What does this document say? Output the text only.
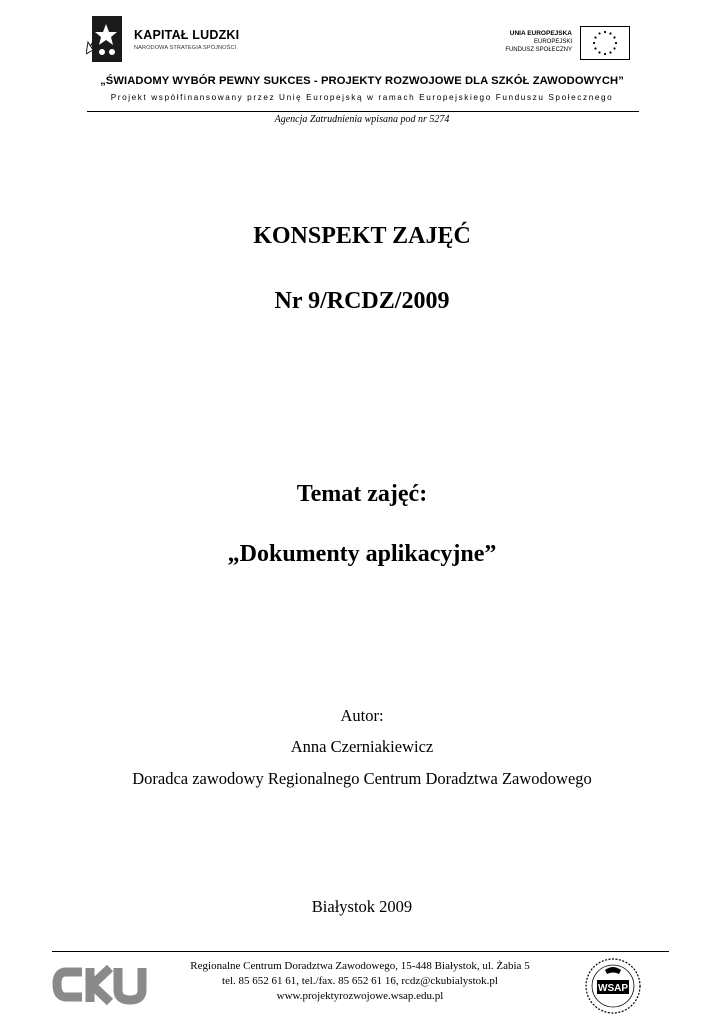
KAPITAŁ LUDZKI
NARODOWA STRATEGIA SPÓJNOŚCI
UNIA EUROPEJSKA
EUROPEJSKI
FUNDUSZ SPOŁECZNY
„ŚWIADOMY WYBÓR PEWNY SUKCES - PROJEKTY ROZWOJOWE DLA SZKÓŁ ZAWODOWYCH”
Projekt współfinansowany przez Unię Europejską w ramach Europejskiego Funduszu Społecznego
Agencja Zatrudnienia wpisana pod nr 5274
KONSPEKT ZAJĘĆ
Nr 9/RCDZ/2009
Temat zajęć:
„Dokumenty aplikacyjne”
Autor:
Anna Czerniakiewicz
Doradca zawodowy Regionalnego Centrum Doradztwa Zawodowego
Białystok 2009
Regionalne Centrum Doradztwa Zawodowego, 15-448 Białystok, ul. Żabia 5
tel. 85 652 61 61, tel./fax. 85 652 61 16, rcdz@ckubialystok.pl
www.projektyrozwojowe.wsap.edu.pl
WSAP
